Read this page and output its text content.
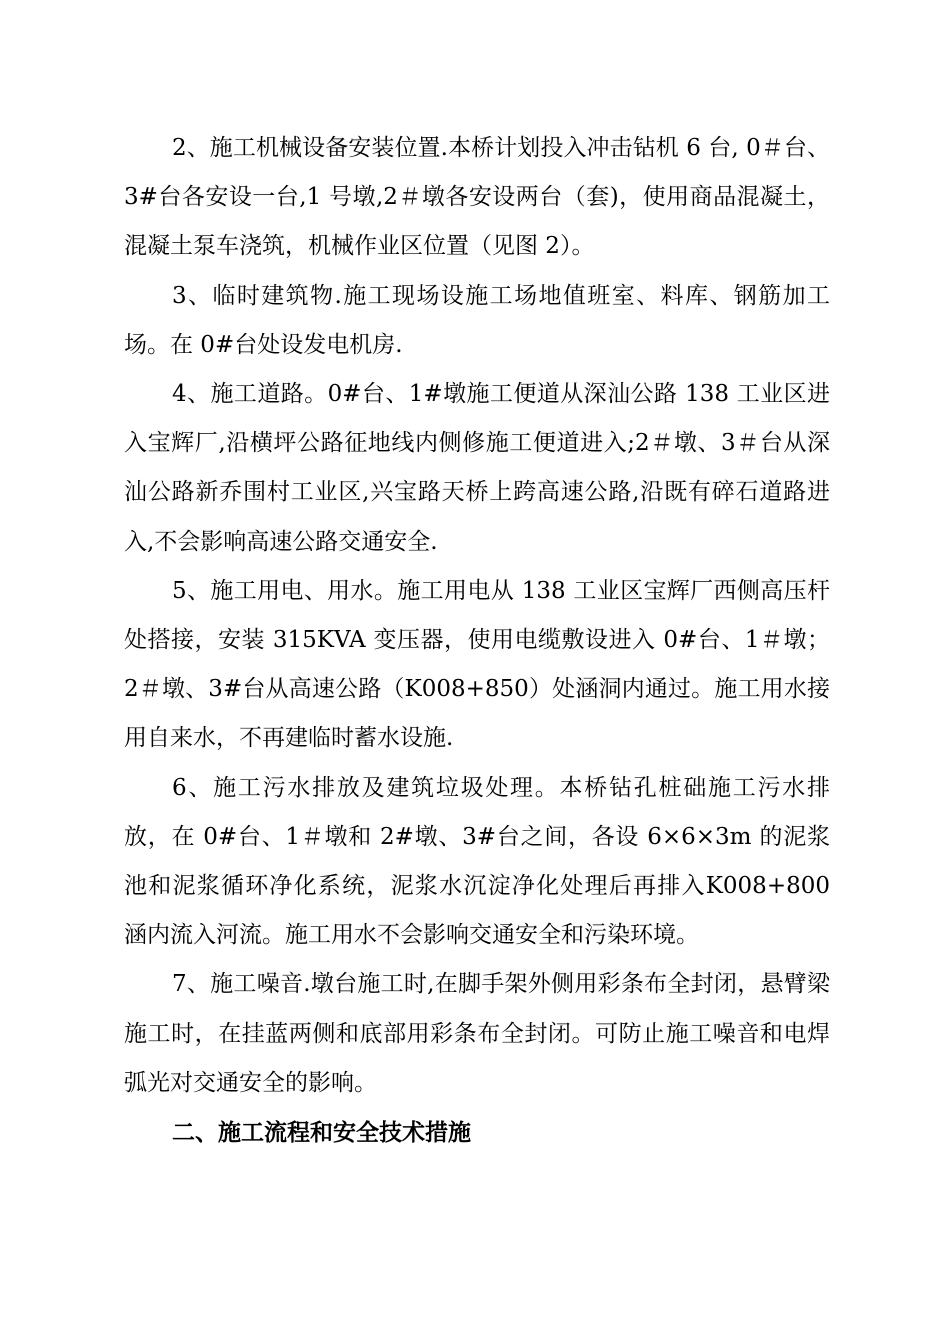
2、施工机械设备安装位置.本桥计划投入冲击钻机 6 台, 0＃台、3#台各安设一台,1 号墩,2＃墩各安设两台（套)，使用商品混凝土，混凝土泵车浇筑，机械作业区位置（见图 2）。

3、临时建筑物.施工现场设施工场地值班室、料库、钢筋加工场。在 0#台处设发电机房.

4、施工道路。0#台、1#墩施工便道从深汕公路 138 工业区进入宝辉厂,沿横坪公路征地线内侧修施工便道进入;2＃墩、3＃台从深汕公路新乔围村工业区,兴宝路天桥上跨高速公路,沿既有碎石道路进入,不会影响高速公路交通安全.

5、施工用电、用水。施工用电从 138 工业区宝辉厂西侧高压杆处搭接，安装 315KVA 变压器，使用电缆敷设进入 0#台、1＃墩；2＃墩、3#台从高速公路（K008+850）处涵洞内通过。施工用水接用自来水，不再建临时蓄水设施.

6、施工污水排放及建筑垃圾处理。本桥钻孔桩础施工污水排放，在 0#台、1＃墩和 2#墩、3#台之间，各设 6×6×3m 的泥浆池和泥浆循环净化系统，泥浆水沉淀净化处理后再排入K008+800 涵内流入河流。施工用水不会影响交通安全和污染环境。

7、施工噪音.墩台施工时,在脚手架外侧用彩条布全封闭，悬臂梁施工时，在挂蓝两侧和底部用彩条布全封闭。可防止施工噪音和电焊弧光对交通安全的影响。

二、施工流程和安全技术措施
